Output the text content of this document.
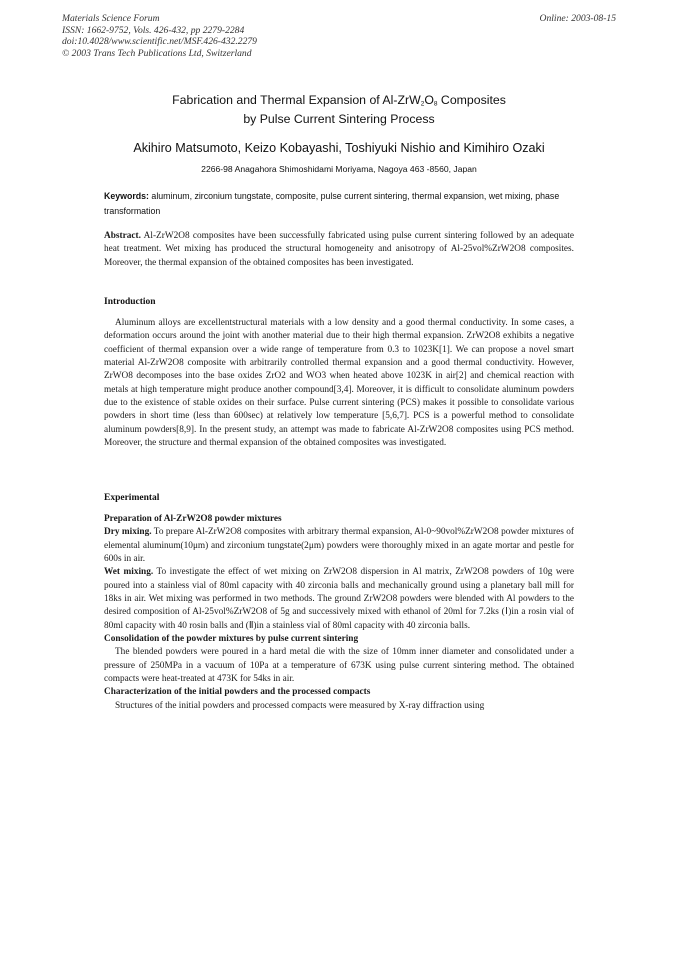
Materials Science Forum
ISSN: 1662-9752, Vols. 426-432, pp 2279-2284
doi:10.4028/www.scientific.net/MSF.426-432.2279
© 2003 Trans Tech Publications Ltd, Switzerland
Online: 2003-08-15
Fabrication and Thermal Expansion of $Al-ZrW_2O_8$ Composites
by Pulse Current Sintering Process
Akihiro Matsumoto, Keizo Kobayashi, Toshiyuki Nishio and Kimihiro Ozaki
2266-98 Anagahora Shimoshidami Moriyama, Nagoya 463 -8560, Japan
Keywords: aluminum, zirconium tungstate, composite, pulse current sintering, thermal expansion, wet mixing, phase transformation
Abstract. Al-ZrW2O8 composites have been successfully fabricated using pulse current sintering followed by an adequate heat treatment. Wet mixing has produced the structural homogeneity and anisotropy of Al-25vol%ZrW2O8 composites. Moreover, the thermal expansion of the obtained composites has been investigated.
Introduction
Aluminum alloys are excellentstructural materials with a low density and a good thermal conductivity. In some cases, a deformation occurs around the joint with another material due to their high thermal expansion. ZrW2O8 exhibits a negative coefficient of thermal expansion over a wide range of temperature from 0.3 to 1023K[1]. We can propose a novel smart material Al-ZrW2O8 composite with arbitrarily controlled thermal expansion and a good thermal conductivity. However, ZrWO8 decomposes into the base oxides ZrO2 and WO3 when heated above 1023K in air[2] and chemical reaction with metals at high temperature might produce another compound[3,4]. Moreover, it is difficult to consolidate aluminum powders due to the existence of stable oxides on their surface. Pulse current sintering (PCS) makes it possible to consolidate various powders in short time (less than 600sec) at relatively low temperature [5,6,7]. PCS is a powerful method to consolidate aluminum powders[8,9]. In the present study, an attempt was made to fabricate Al-ZrW2O8 composites using PCS method. Moreover, the structure and thermal expansion of the obtained composites was investigated.
Experimental
Preparation of Al-ZrW2O8 powder mixtures
Dry mixing. To prepare Al-ZrW2O8 composites with arbitrary thermal expansion, Al-0~90vol%ZrW2O8 powder mixtures of elemental aluminum(10μm) and zirconium tungstate(2μm) powders were thoroughly mixed in an agate mortar and pestle for 600s in air.
Wet mixing. To investigate the effect of wet mixing on ZrW2O8 dispersion in Al matrix, ZrW2O8 powders of 10g were poured into a stainless vial of 80ml capacity with 40 zirconia balls and mechanically ground using a planetary ball mill for 18ks in air. Wet mixing was performed in two methods. The ground ZrW2O8 powders were blended with Al powders to the desired composition of Al-25vol%ZrW2O8 of 5g and successively mixed with ethanol of 20ml for 7.2ks (Ⅰ)in a rosin vial of 80ml capacity with 40 rosin balls and (Ⅱ)in a stainless vial of 80ml capacity with 40 zirconia balls.
Consolidation of the powder mixtures by pulse current sintering
The blended powders were poured in a hard metal die with the size of 10mm inner diameter and consolidated under a pressure of 250MPa in a vacuum of 10Pa at a temperature of 673K using pulse current sintering method. The obtained compacts were heat-treated at 473K for 54ks in air.
Characterization of the initial powders and the processed compacts
Structures of the initial powders and processed compacts were measured by X-ray diffraction using
